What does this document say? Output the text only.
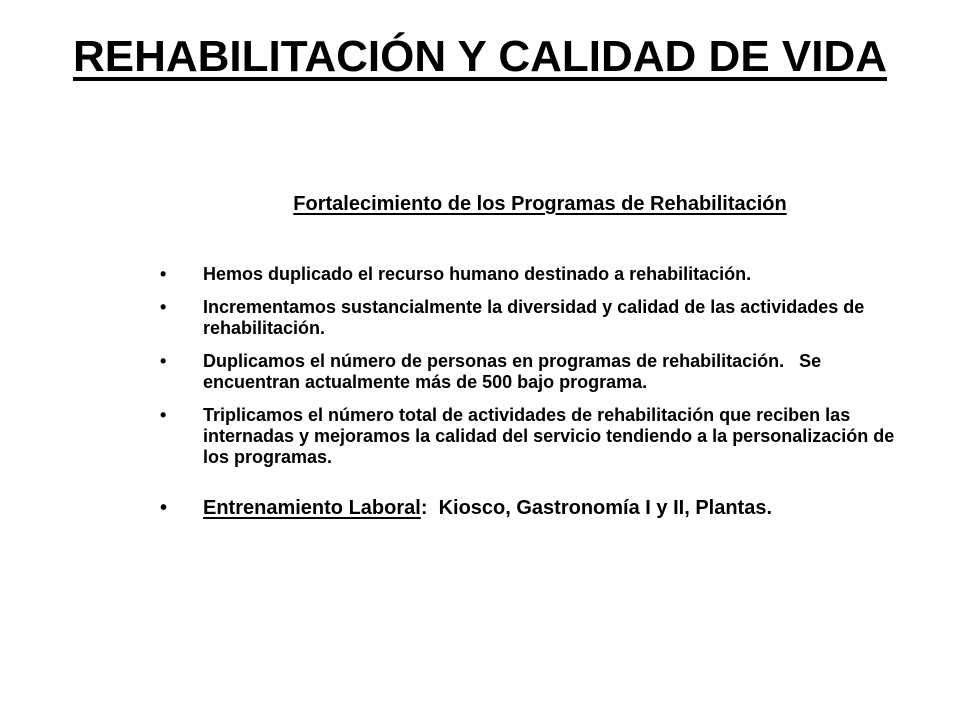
REHABILITACIÓN Y CALIDAD DE VIDA
Fortalecimiento de los Programas de Rehabilitación
• Hemos duplicado el recurso humano destinado a rehabilitación.
• Incrementamos sustancialmente la diversidad y calidad de las actividades de rehabilitación.
• Duplicamos el número de personas en programas de rehabilitación.   Se encuentran actualmente más de 500 bajo programa.
• Triplicamos el número total de actividades de rehabilitación que reciben las  internadas y mejoramos la calidad del servicio tendiendo a la personalización de los programas.
• Entrenamiento Laboral:  Kiosco, Gastronomía I y II, Plantas.
